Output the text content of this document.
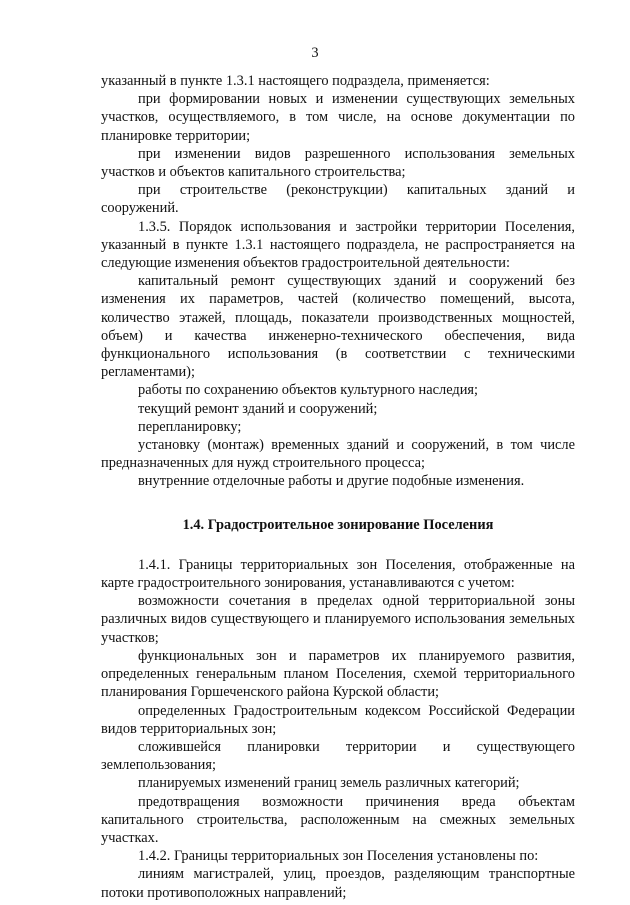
3

указанный в пункте 1.3.1 настоящего подраздела, применяется:

при формировании новых и изменении существующих земельных участков, осуществляемого, в том числе, на основе документации по планировке территории;

при изменении видов разрешенного использования земельных участков и объектов капитального строительства;

при строительстве (реконструкции) капитальных зданий и сооружений.

1.3.5. Порядок использования и застройки территории Поселения, указанный в пункте 1.3.1 настоящего подраздела, не распространяется на следующие изменения объектов градостроительной деятельности:

капитальный ремонт существующих зданий и сооружений без изменения их параметров, частей (количество помещений, высота, количество этажей, площадь, показатели производственных мощностей, объем) и качества инженерно-технического обеспечения, вида функционального использования (в соответствии с техническими регламентами);

работы по сохранению объектов культурного наследия;

текущий ремонт зданий и сооружений;

перепланировку;

установку (монтаж) временных зданий и сооружений, в том числе предназначенных для нужд строительного процесса;

внутренние отделочные работы и другие подобные изменения.

1.4. Градостроительное зонирование Поселения

1.4.1. Границы территориальных зон Поселения, отображенные на карте градостроительного зонирования, устанавливаются с учетом:

возможности сочетания в пределах одной территориальной зоны различных видов существующего и планируемого использования земельных участков;

функциональных зон и параметров их планируемого развития, определенных генеральным планом Поселения, схемой территориального планирования Горшеченского района Курской области;

определенных Градостроительным кодексом Российской Федерации видов территориальных зон;

сложившейся планировки территории и существующего землепользования;

планируемых изменений границ земель различных категорий;

предотвращения возможности причинения вреда объектам капитального строительства, расположенным на смежных земельных участках.

1.4.2. Границы территориальных зон Поселения установлены по:

линиям магистралей, улиц, проездов, разделяющим транспортные потоки противоположных направлений;
